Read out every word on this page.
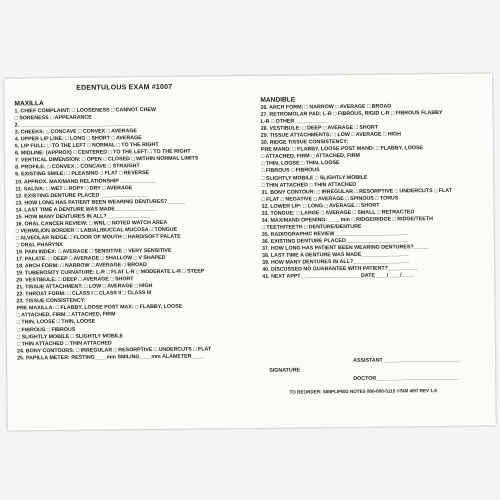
EDENTULOUS EXAM #1007
MAXILLA
1. CHIEF COMPLAINT: □ LOOSENESS □ CANNOT CHEW
□ SORENESS □ APPEARANCE
2. ______________________________________
3. CHEEKS: □ CONCAVE □ CONVEX □ AVERAGE
4. UPPER LIP LINE: □ LONG □ SHORT □ AVERAGE
5. LIP FULL: □ TO THE LEFT □ NORMAL □ TO THE RIGHT
6. MIDLINE: (APPROX) □ CENTERED □ TO THE LEFT □ TO THE RIGHT
7. VERTICAL DIMENSION: □ OPEN □ CLOSED □ WITHIN NORMAL LIMITS
8. PROFILE: □ CONVEX □ CONCAVE □ STRAIGHT
9. EXISTING SMILE: □ PLEASING □ FLAT □ REVERSE
10. APPROX. MAX/MAND RELATIONSHIP ____________
11. SALIVA: □ WET □ ROPY □ DRY □ AVERAGE
12. EXISTING DENTURE PLACED ________________
13. HOW LONG HAS PATIENT BEEN WEARING DENTURES?______
14. LAST TIME A DENTURE WAS MADE______________
15. HOW MANY DENTURES IN ALL?_______________
16. ORAL CANCER REVIEW: □ WNL □ NOTED WATCH AREA
□ VERMILION BORDER □ LABIAL/BUCCAL MUCOSA □ TONGUE
□ ALVEOLAR RIDGE □ FLOOR OF MOUTH □ HARD/SOFT PALATE
□ ORAL PHARYNX
19. PAIN INDEX: □ AVERAGE □ SENSITIVE □ VERY SENSITIVE
17. PALATE: □ DEEP □ AVERAGE □ SHALLOW □ V SHAPED
18. ARCH FORM: □ NARROW □ AVERAGE □ BROAD
19. TUBEROSITY CURVATURE: L-R □ FLAT L-R □ MODERATE L-R □ STEEP
20. VESTIBULE: □ DEEP □ AVERAGE □ SHORT
21. TISSUE ATTACHMENT: □ LOW □ AVERAGE □ HIGH
22. THROAT FORM: □ CLASS I □ CLASS II □ CLASS III
23. TISSUE CONSISTENCY:
PRE MAXILLA: □ FLABBY, LOOSE POST MAX: □ FLABBY, LOOSE
□ ATTACHED, FIRM □ ATTACHED, FIRM
□ THIN, LOOSE □ THIN, LOOSE
□ FIBROUS □ FIBROUS
□ SLIGHTLY MOBILE □ SLIGHTLY MOBILE
□ THIN ATTACHED □ THIN ATTACHED
24. BONY CONTOURS: □ IRREGULAR □ RESORPTIVE □ UNDERCUTS □ FLAT
25. PAPILLA METER: RESTING____mm SMILING____mm ALAMETER____
MANDIBLE
26. ARCH FORM: □ NARROW □ AVERAGE □ BROAD
27. RETROMOLAR PAD: L-R □ FIBROUS, RIGID L-R □ FIBROUS FLABBY
L-R □ OTHER ___________
28. VESTIBULE: □ DEEP □ AVERAGE □ SHORT
29. TISSUE ATTACHMENTS: □ LOW □ AVERAGE □ HIGH
30. RIDGE TISSUE CONSISTENCY:
PRE MAND: □ FLABBY, LOOSE POST MAND: □ FLABBY, LOOSE
□ ATTACHED, FIRM □ ATTACHED, FIRM
□ THIN, LOOSE □ THIN, LOOSE
□ FIBROUS □ FIBROUS
□ SLIGHTLY MOBILE □ SLIGHTLY MOBILE
□ THIN ATTACHED □ THIN ATTACHED
31. BONY CONTOUR: □ IRREGULAR □ RESORPTIVE □ UNDERCUTS □ FLAT
□ FLAT □ NEGATIVE □ AVERAGE □ SPINOUS □ TORUS
32. LOWER LIP: □ LONG □ AVERAGE □ SHORT
33. TONGUE: □ LARGE □ AVERAGE □ SMALL □ RETRACTED
34. MAX/MAND OPENING: ____mm □ RIDGE/RIDGE □ RIDGE/TEETH
□ TEETH/TEETH □ DENTURE/DENTURE
35. RADIOGRAPHIC REVIEW_________________________
36. EXISTING DENTURE PLACED_____________________
37. HOW LONG HAS PATIENT BEEN WEARING DENTURES?_____
38. LAST TIME A DENTURE WAS MADE________________
39. HOW MANY DENTURES IN ALL?___________________
40. DISCUSSED NO GUARANTEE WITH PATIENT?__________
41. NEXT APPT____________________ DATE____/____/____
ASSISTANT__________________________
SIGNATURE
DOCTOR____________________________
TO REORDER: SIMPLIFIED NOTES 800-800-5115 ©SIM 4/97 REV 1.9
